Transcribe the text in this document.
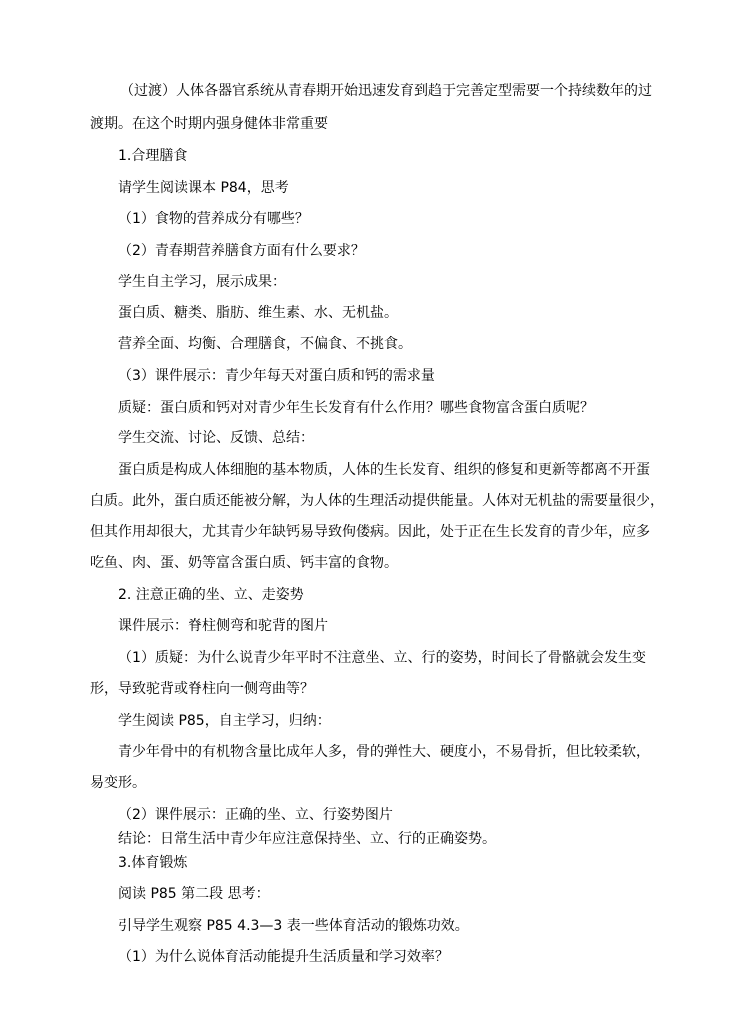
（过渡）人体各器官系统从青春期开始迅速发育到趋于完善定型需要一个持续数年的过

渡期。在这个时期内强身健体非常重要

1.合理膳食

请学生阅读课本 P84，思考

（1）食物的营养成分有哪些？

（2）青春期营养膳食方面有什么要求？

学生自主学习，展示成果：

蛋白质、糖类、脂肪、维生素、水、无机盐。

营养全面、均衡、合理膳食，不偏食、不挑食。

（3）课件展示：青少年每天对蛋白质和钙的需求量

质疑：蛋白质和钙对对青少年生长发育有什么作用？哪些食物富含蛋白质呢？

学生交流、讨论、反馈、总结：

蛋白质是构成人体细胞的基本物质，人体的生长发育、组织的修复和更新等都离不开蛋

白质。此外，蛋白质还能被分解，为人体的生理活动提供能量。人体对无机盐的需要量很少，

但其作用却很大，尤其青少年缺钙易导致佝偻病。因此，处于正在生长发育的青少年，应多

吃鱼、肉、蛋、奶等富含蛋白质、钙丰富的食物。

2. 注意正确的坐、立、走姿势

课件展示：脊柱侧弯和驼背的图片

（1）质疑：为什么说青少年平时不注意坐、立、行的姿势，时间长了骨骼就会发生变

形，导致驼背或脊柱向一侧弯曲等？

学生阅读 P85，自主学习，归纳：

青少年骨中的有机物含量比成年人多，骨的弹性大、硬度小，不易骨折，但比较柔软，

易变形。

（2）课件展示：正确的坐、立、行姿势图片

结论：日常生活中青少年应注意保持坐、立、行的正确姿势。

3.体育锻炼

阅读 P85 第二段 思考：

引导学生观察 P85 4.3—3 表一些体育活动的锻炼功效。

（1）为什么说体育活动能提升生活质量和学习效率？
